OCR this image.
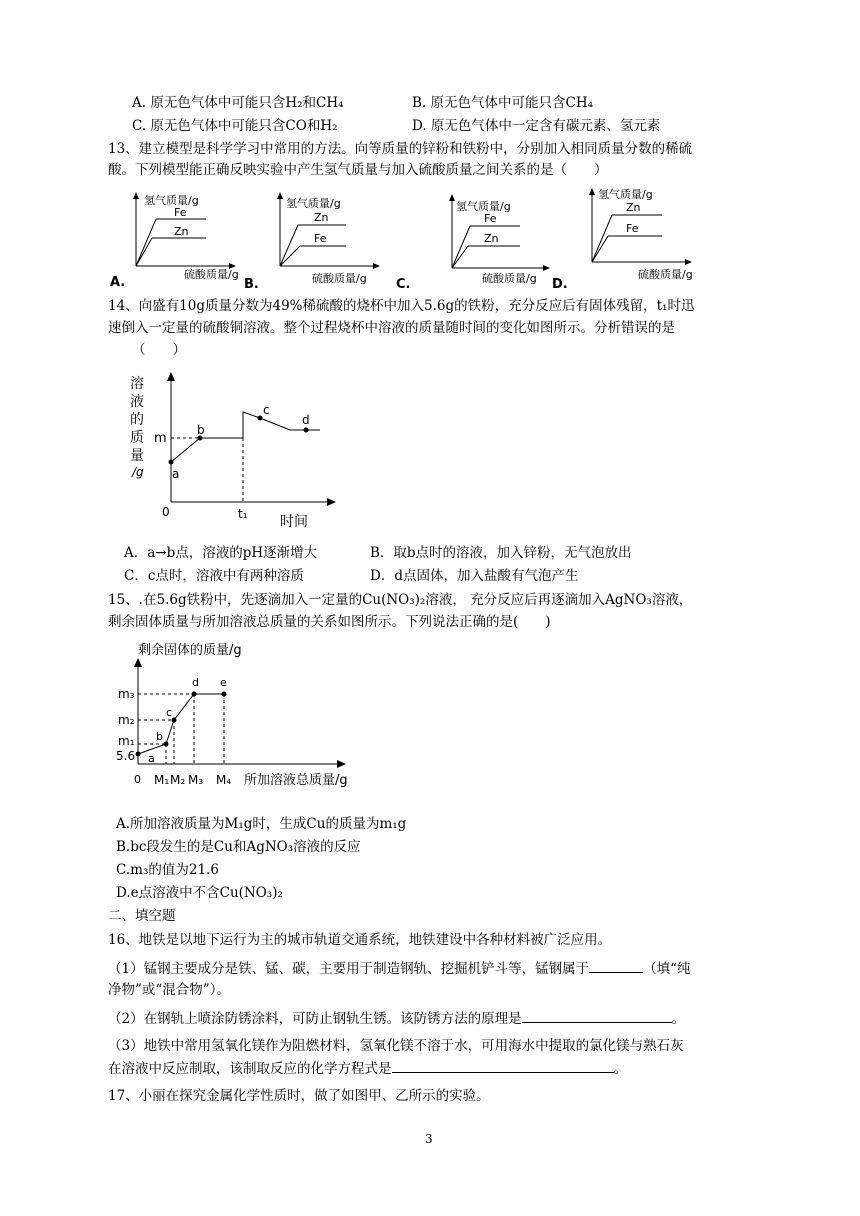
A. 原无色气体中可能只含H₂和CH₄	B. 原无色气体中可能只含CH₄
C. 原无色气体中可能只含CO和H₂	D. 原无色气体中一定含有碳元素、氢元素
13、建立模型是科学学习中常用的方法。向等质量的锌粉和铁粉中，分别加入相同质量分数的稀硫
酸。下列模型能正确反映实验中产生氢气质量与加入硫酸质量之间关系的是（　　）
氢气质量/g
Fe
Zn
硫酸质量/g
A.
氢气质量/g
Zn
Fe
硫酸质量/g
B.
氢气质量/g
Fe
Zn
硫酸质量/g
C.
氢气质量/g
Zn
Fe
硫酸质量/g
D.
14、向盛有10g质量分数为49%稀硫酸的烧杯中加入5.6g的铁粉，充分反应后有固体残留，t₁时迅
速倒入一定量的硫酸铜溶液。整个过程烧杯中溶液的质量随时间的变化如图所示。分析错误的是
（　　）
溶
液
的
质
量
/g
m
0	t₁ 时间
a
b
c
d
A．a→b点，溶液的pH逐渐增大	B．取b点时的溶液，加入锌粉，无气泡放出
C．c点时，溶液中有两种溶质	D．d点固体，加入盐酸有气泡产生
15、.在5.6g铁粉中，先逐滴加入一定量的Cu(NO₃)₂溶液， 充分反应后再逐滴加入AgNO₃溶液，
剩余固体质量与所加溶液总质量的关系如图所示。下列说法正确的是(　　)
剩余固体的质量/g
m₃
m₂
m₁
5.6 a
b
c
d e
0 M₁ M₂ M₃ M₄ 所加溶液总质量/g
A.所加溶液质量为M₁g时，生成Cu的质量为m₁g
B.bc段发生的是Cu和AgNO₃溶液的反应
C.m₃的值为21.6
D.e点溶液中不含Cu(NO₃)₂
二、填空题
16、地铁是以地下运行为主的城市轨道交通系统，地铁建设中各种材料被广泛应用。
（1）锰钢主要成分是铁、锰、碳，主要用于制造钢轨、挖掘机铲斗等，锰钢属于	（填“纯
净物”或“混合物”）。
（2）在钢轨上喷涂防锈涂料，可防止钢轨生锈。该防锈方法的原理是	。
（3）地铁中常用氢氧化镁作为阻燃材料，氢氧化镁不溶于水，可用海水中提取的氯化镁与熟石灰
在溶液中反应制取，该制取反应的化学方程式是	。
17、小丽在探究金属化学性质时，做了如图甲、乙所示的实验。
3
